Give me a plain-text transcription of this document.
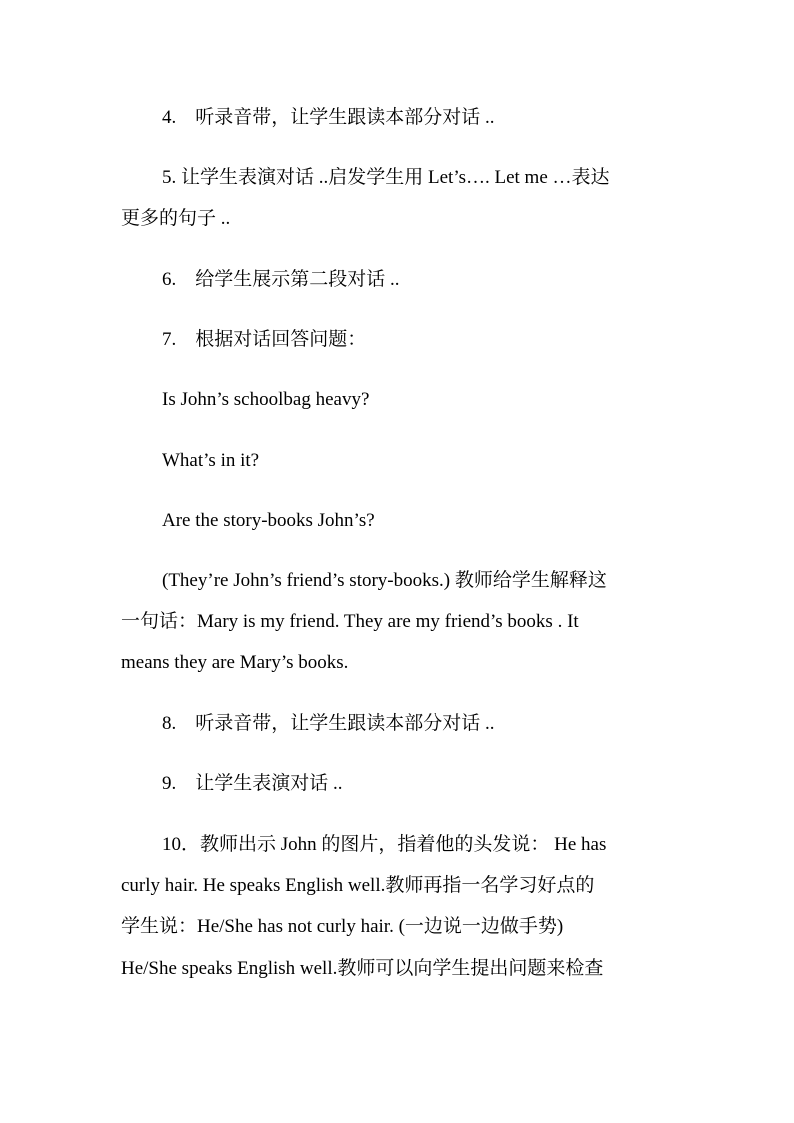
4.　听录音带，让学生跟读本部分对话 ..

5. 让学生表演对话 ..启发学生用 Let’s…. Let me …表达

更多的句子 ..

6.　给学生展示第二段对话 ..

7.　根据对话回答问题：

Is John’s schoolbag heavy?

What’s in it?

Are the story-books John’s?

(They’re John’s friend’s story-books.) 教师给学生解释这

一句话：Mary is my friend. They are my friend’s books . It

means they are Mary’s books.

8.　听录音带，让学生跟读本部分对话 ..

9.　让学生表演对话 ..

10．教师出示 John 的图片，指着他的头发说： He has

curly hair. He speaks English well.教师再指一名学习好点的

学生说：He/She has not curly hair. (一边说一边做手势)

He/She speaks English well.教师可以向学生提出问题来检查
